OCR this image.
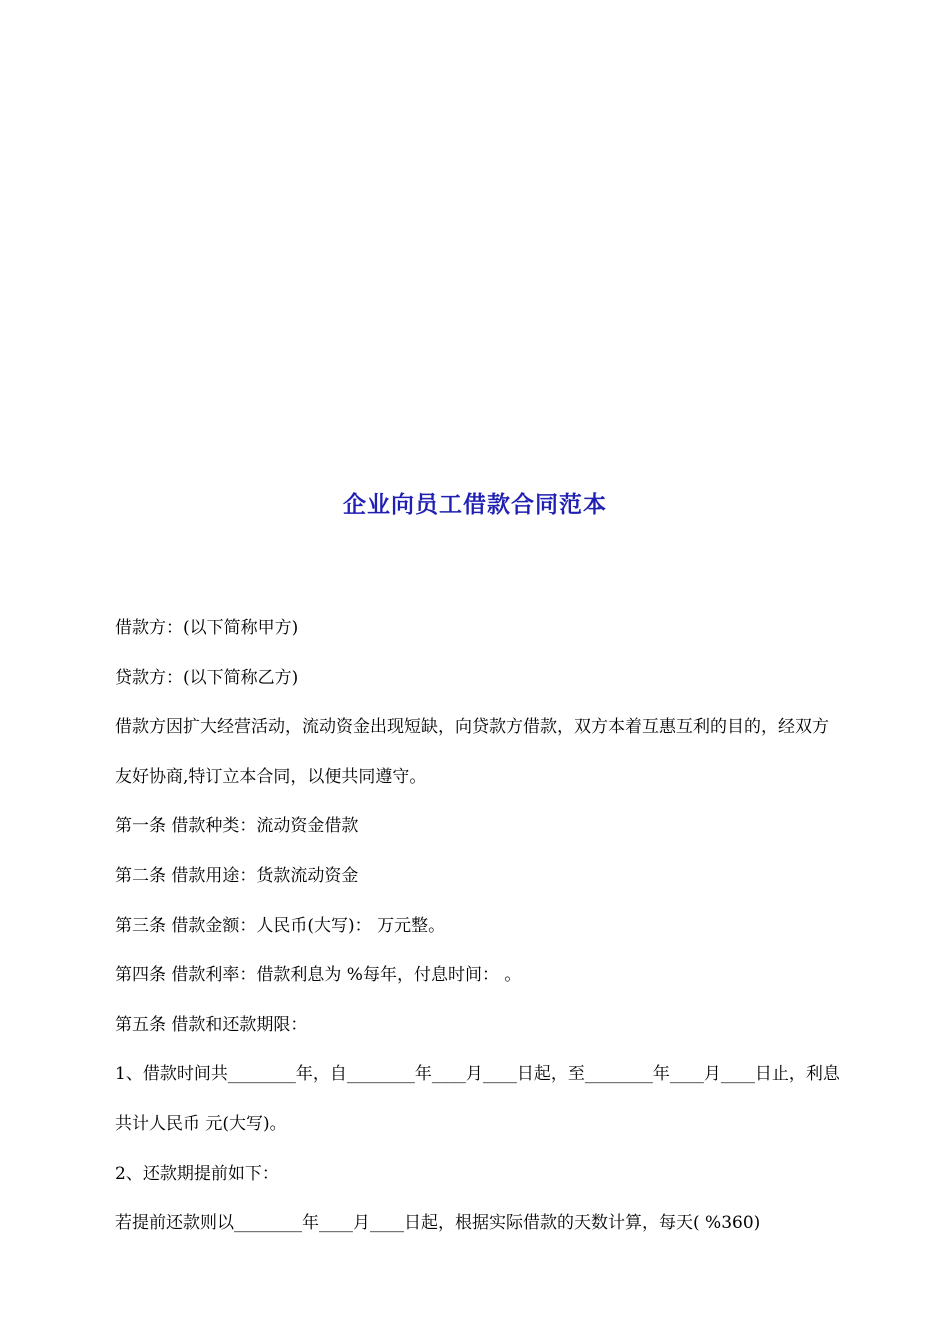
企业向员工借款合同范本
借款方：(以下简称甲方)
贷款方：(以下简称乙方)
借款方因扩大经营活动，流动资金出现短缺，向贷款方借款，双方本着互惠互利的目的，经双方友好协商,特订立本合同，以便共同遵守。
第一条 借款种类：流动资金借款
第二条 借款用途：货款流动资金
第三条 借款金额：人民币(大写)： 万元整。
第四条 借款利率：借款利息为 %每年，付息时间： 。
第五条 借款和还款期限：
1、借款时间共________年，自________年____月____日起，至________年____月____日止，利息共计人民币 元(大写)。
2、还款期提前如下：
若提前还款则以________年____月____日起，根据实际借款的天数计算，每天( %360)
